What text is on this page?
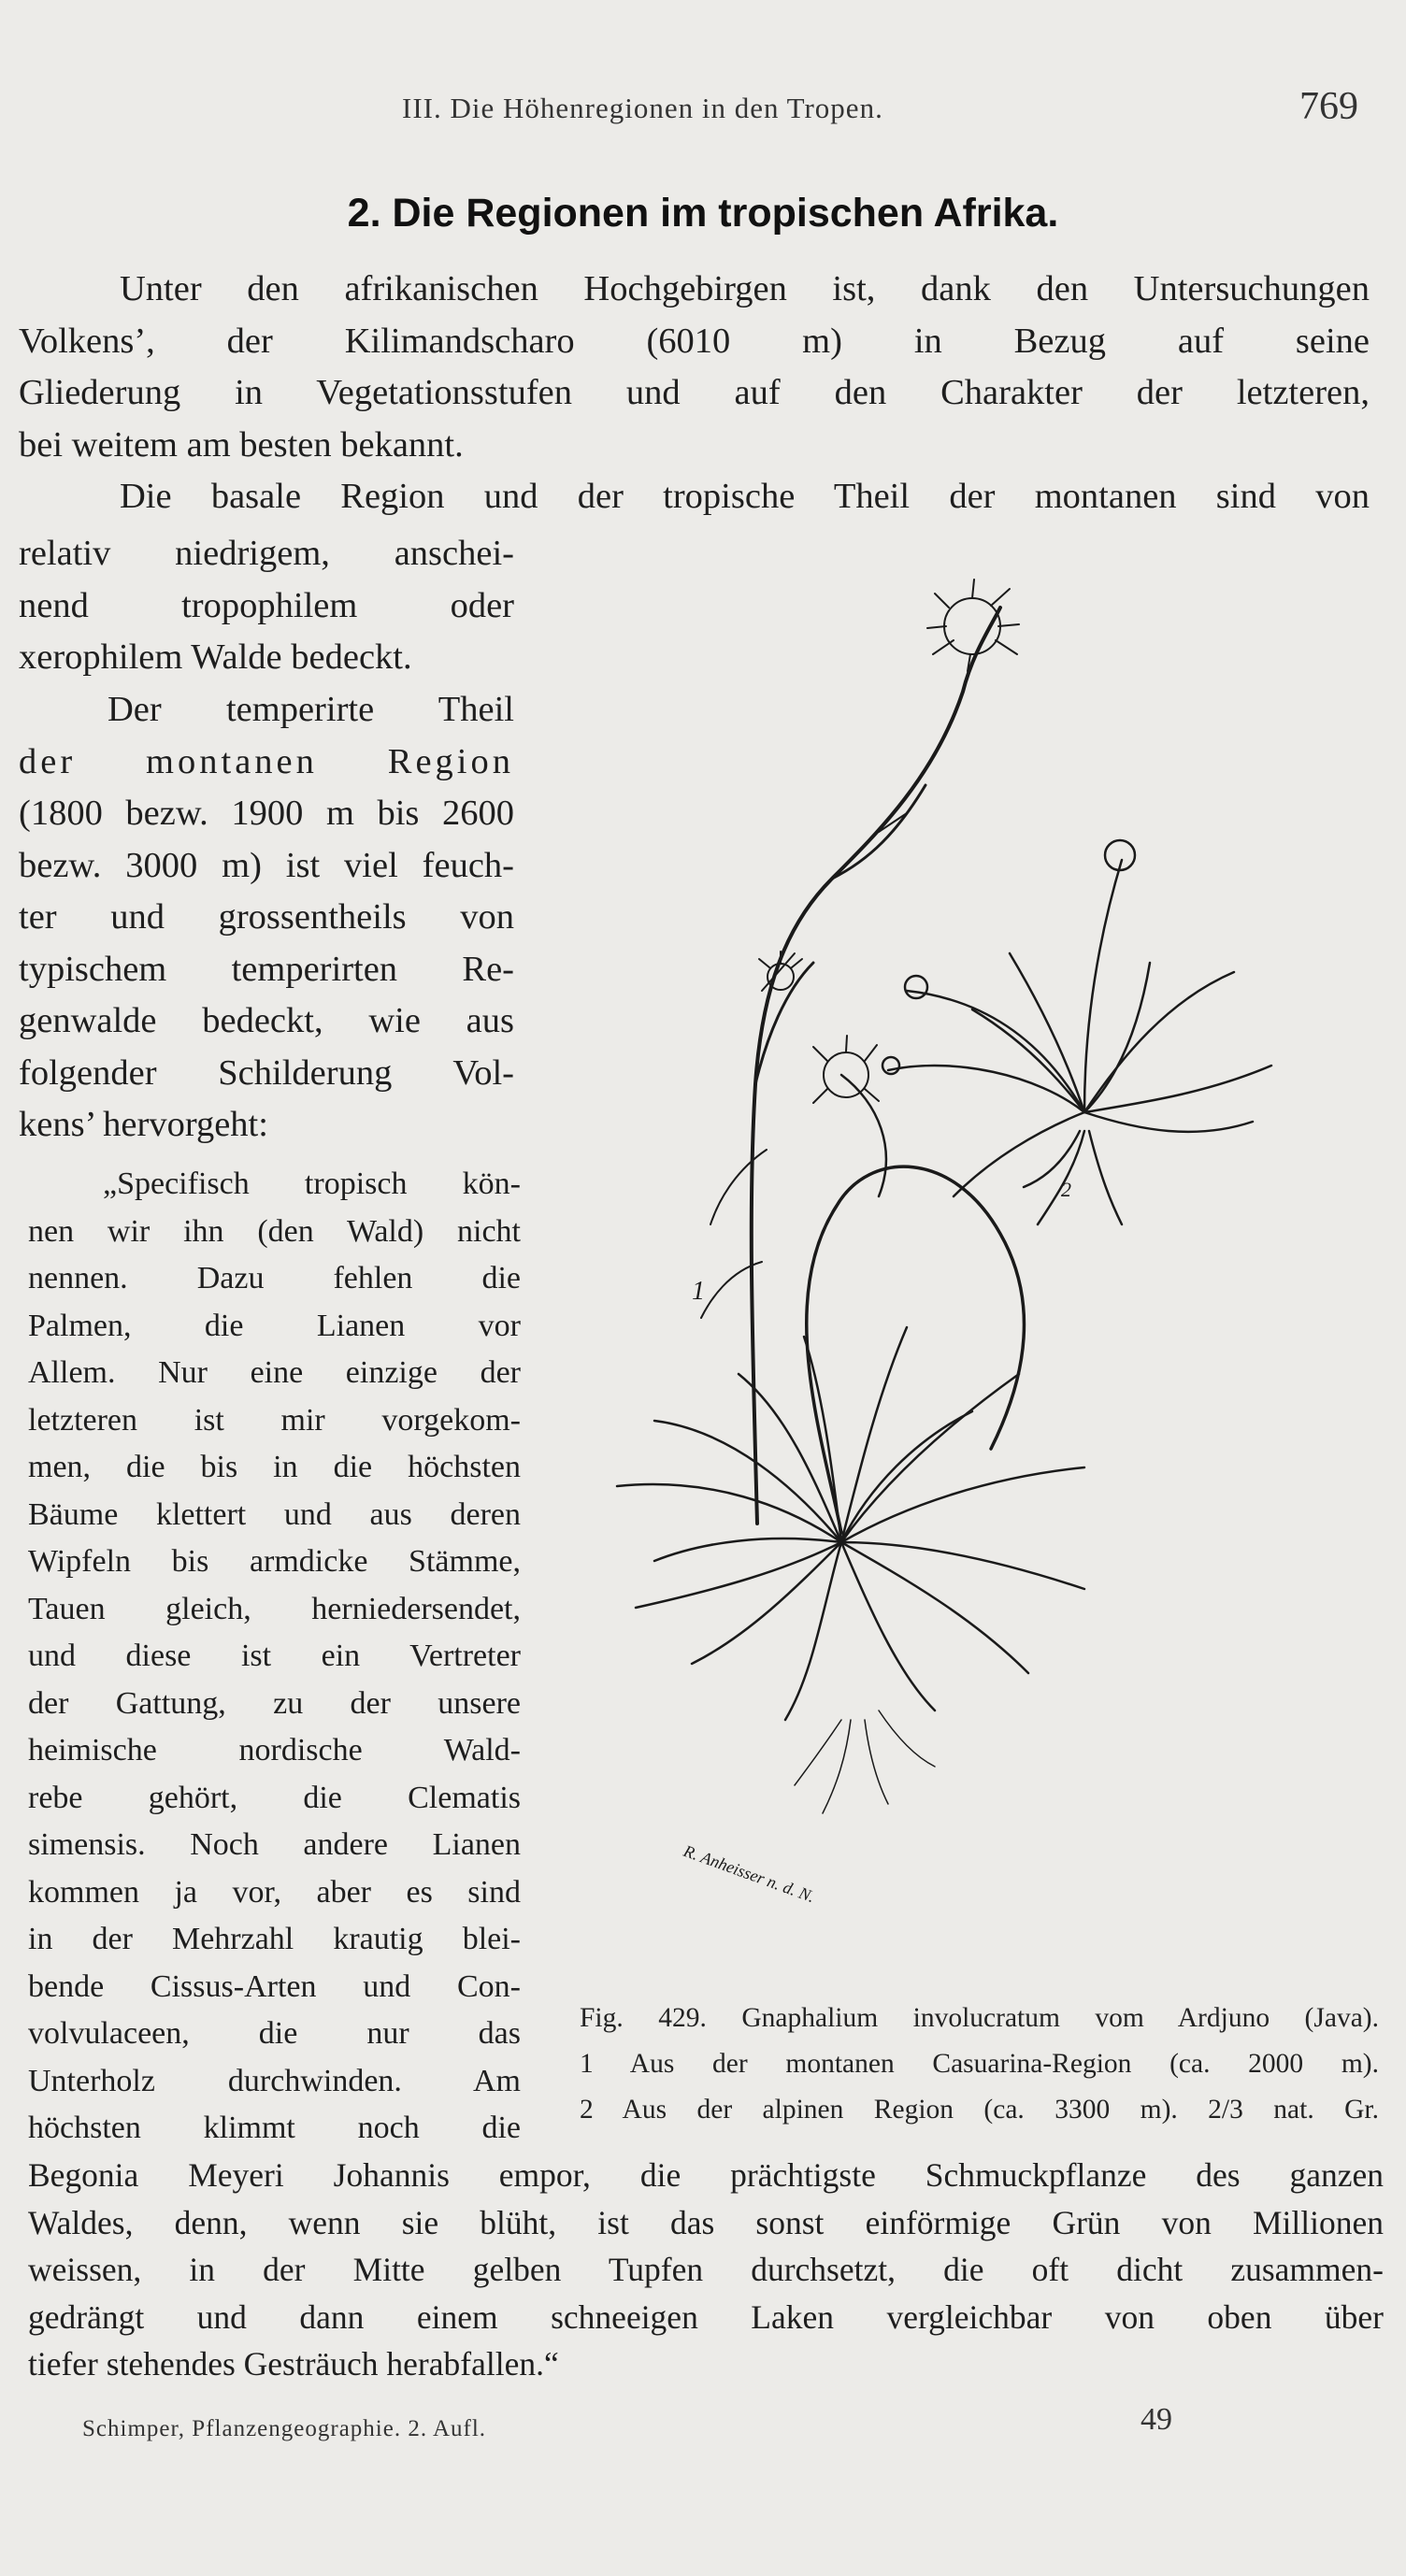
III. Die Höhenregionen in den Tropen.	769
2. Die Regionen im tropischen Afrika.
Unter den afrikanischen Hochgebirgen ist, dank den Untersuchungen
Volkens’, der Kilimandscharo (6010 m) in Bezug auf seine
Gliederung in Vegetationsstufen und auf den Charakter der letzteren,
bei weitem am besten bekannt.
Die basale Region und der tropische Theil der montanen sind von
relativ niedrigem, anschei-
nend tropophilem oder
xerophilem Walde bedeckt.
Der temperirte Theil
der montanen Region
(1800 bezw. 1900 m bis 2600
bezw. 3000 m) ist viel feuch-
ter und grossentheils von
typischem temperirten Re-
genwalde bedeckt, wie aus
folgender Schilderung Vol-
kens’ hervorgeht:
„Specifisch tropisch kön-
nen wir ihn (den Wald) nicht
nennen. Dazu fehlen die
Palmen, die Lianen vor
Allem. Nur eine einzige der
letzteren ist mir vorgekom-
men, die bis in die höchsten
Bäume klettert und aus deren
Wipfeln bis armdicke Stämme,
Tauen gleich, herniedersendet,
und diese ist ein Vertreter
der Gattung, zu der unsere
heimische nordische Wald-
rebe gehört, die Clematis
simensis. Noch andere Lianen
kommen ja vor, aber es sind
in der Mehrzahl krautig blei-
bende Cissus-Arten und Con-
volvulaceen, die nur das
Unterholz durchwinden. Am
höchsten klimmt noch die
Begonia Meyeri Johannis empor, die prächtigste Schmuckpflanze des ganzen
Waldes, denn, wenn sie blüht, ist das sonst einförmige Grün von Millionen
weissen, in der Mitte gelben Tupfen durchsetzt, die oft dicht zusammen-
gedrängt und dann einem schneeigen Laken vergleichbar von oben über
tiefer stehendes Gesträuch herabfallen.“
1
2
R. Anheisser n. d. N.
Fig. 429. Gnaphalium involucratum vom Ardjuno (Java).
1 Aus der montanen Casuarina-Region (ca. 2000 m).
2 Aus der alpinen Region (ca. 3300 m). 2/3 nat. Gr.
Schimper, Pflanzengeographie. 2. Aufl.	49
